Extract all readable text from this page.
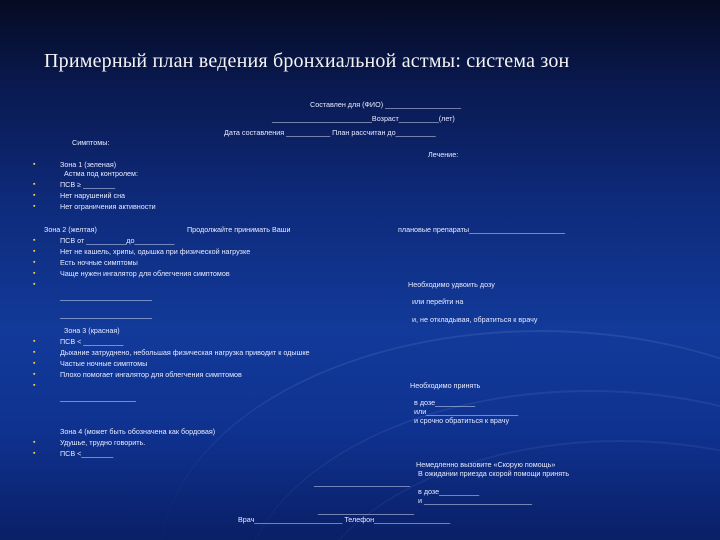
Примерный план ведения бронхиальной астмы: система зон
Составлен для (ФИО) ___________________
_________________________Возраст__________(лет)
Дата составления ___________ План рассчитан до__________
Симптомы:
Лечение:
Зона 1 (зеленая)
Астма под контролем:
▪
▪	ПСВ ≥ ________
▪	Нет нарушений сна
▪	Нет ограничения активности
Зона 2 (желтая)	Продолжайте принимать Ваши	плановые препараты________________________
▪	ПСВ от __________до__________
▪	Нет не кашель, хрипы, одышка при физической нагрузке
▪	Есть ночные симптомы
▪	Чаще нужен ингалятор для облегчения симптомов
▪
_______________________
_______________________
Необходимо удвоить дозу
или перейти на
и, не откладывая, обратиться к врачу
Зона 3 (красная)
▪	ПСВ < __________
▪	Дыхание затруднено, небольшая физическая нагрузка приводит к одышке
▪	Частые ночные симптомы
▪	Плохо помогает ингалятор для облегчения симптомов
▪
___________________
Необходимо принять
в дозе__________
или_______________________
и срочно обратиться к врачу
Зона 4 (может быть обозначена как бордовая)
▪	Удушье, трудно говорить.
▪	ПСВ <________
Немедленно вызовите «Скорую помощь»
В ожидании приезда скорой помощи принять
________________________
в дозе__________
и ___________________________
________________________
Врач______________________ Телефон___________________
